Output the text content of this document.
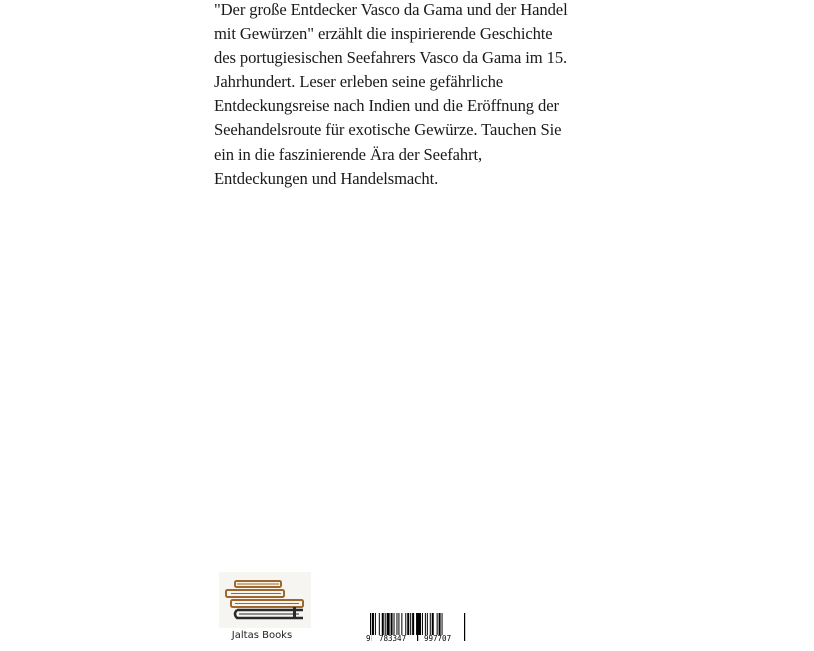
"Der große Entdecker Vasco da Gama und der Handel
mit Gewürzen" erzählt die inspirierende Geschichte
des portugiesischen Seefahrers Vasco da Gama im 15.
Jahrhundert. Leser erleben seine gefährliche
Entdeckungsreise nach Indien und die Eröffnung der
Seehandelsroute für exotische Gewürze. Tauchen Sie
ein in die faszinierende Ära der Seefahrt,
Entdeckungen und Handelsmacht.
Jaltas Books	9 783347 997707
